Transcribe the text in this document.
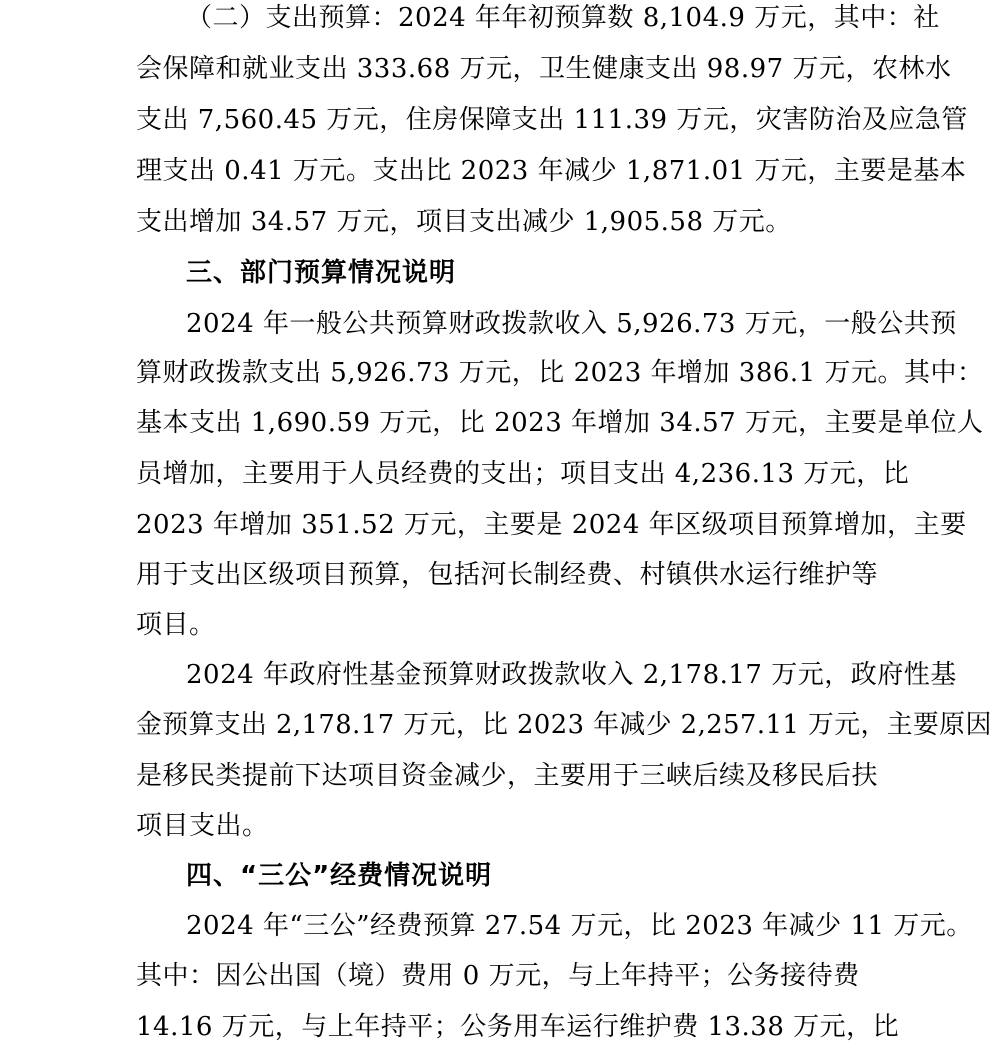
（二）支出预算：2024 年年初预算数 8,104.9 万元，其中：社
会保障和就业支出 333.68 万元，卫生健康支出 98.97 万元，农林水
支出 7,560.45 万元，住房保障支出 111.39 万元，灾害防治及应急管
理支出 0.41 万元。支出比 2023 年减少 1,871.01 万元，主要是基本
支出增加 34.57 万元，项目支出减少 1,905.58 万元。
三、部门预算情况说明
2024 年一般公共预算财政拨款收入 5,926.73 万元，一般公共预
算财政拨款支出 5,926.73 万元，比 2023 年增加 386.1 万元。其中：
基本支出 1,690.59 万元，比 2023 年增加 34.57 万元，主要是单位人
员增加，主要用于人员经费的支出；项目支出 4,236.13 万元，比
2023 年增加 351.52 万元，主要是 2024 年区级项目预算增加，主要
用于支出区级项目预算，包括河长制经费、村镇供水运行维护等
项目。
2024 年政府性基金预算财政拨款收入 2,178.17 万元，政府性基
金预算支出 2,178.17 万元，比 2023 年减少 2,257.11 万元，主要原因
是移民类提前下达项目资金减少，主要用于三峡后续及移民后扶
项目支出。
四、“三公”经费情况说明
2024 年“三公”经费预算 27.54 万元，比 2023 年减少 11 万元。
其中：因公出国（境）费用 0 万元，与上年持平；公务接待费
14.16 万元，与上年持平；公务用车运行维护费 13.38 万元，比
